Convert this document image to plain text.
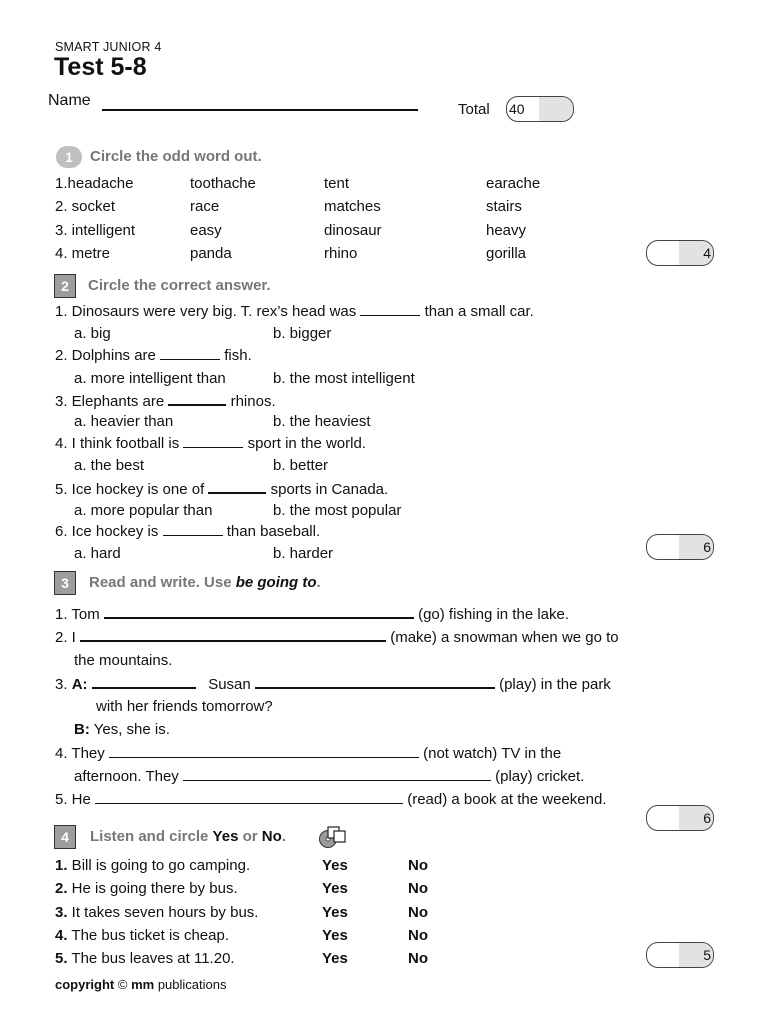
SMART JUNIOR 4
Test 5-8
Name
Total 40
1	Circle the odd word out.
1.headache	toothache	tent	earache
2. socket	race	matches	stairs
3. intelligent	easy	dinosaur	heavy
4. metre	panda	rhino	gorilla	4
2	Circle the correct answer.
1. Dinosaurs were very big. T. rex’s head was	than a small car.
a. big	b. bigger
2. Dolphins are	fish.
a. more intelligent than	b. the most intelligent
3. Elephants are	rhinos.
a. heavier than	b. the heaviest
4. I think football is	sport in the world.
a. the best	b. better
5. Ice hockey is one of	sports in Canada.
a. more popular than	b. the most popular
6. Ice hockey is	than baseball.
a. hard	b. harder	6
3	Read and write. Use be going to.
1. Tom	(go) fishing in the lake.
2. I	(make) a snowman when we go to
the mountains.
3. A:	Susan	(play) in the park
with her friends tomorrow?
B: Yes, she is.
4. They	(not watch) TV in the
afternoon. They	(play) cricket.
5. He	(read) a book at the weekend.
6
4	Listen and circle Yes or No.
1. Bill is going to go camping.	Yes	No
2. He is going there by bus.	Yes	No
3. It takes seven hours by bus.	Yes	No
4. The bus ticket is cheap.	Yes	No
5. The bus leaves at 11.20.	Yes	No	5
copyright © mm publications
